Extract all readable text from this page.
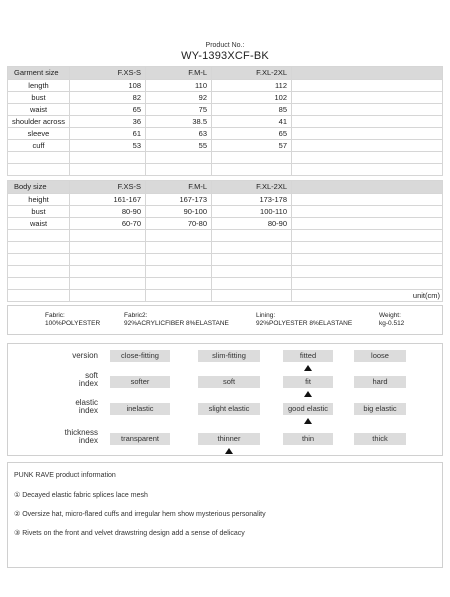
Product No.:
WY-1393XCF-BK
Garment size	F.XS-S	F.M-L	F.XL-2XL	
length	108	110	112	
bust	82	92	102	
waist	65	75	85	
shoulder across	36	38.5	41	
sleeve	61	63	65	
cuff	53	55	57	

Body size	F.XS-S	F.M-L	F.XL-2XL	
height	161-167	167-173	173-178	
bust	80-90	90-100	100-110	
waist	60-70	70-80	80-90	

				unit(cm)
Fabric:
100%POLYESTER
Fabric2:
92%ACRYLICFIBER 8%ELASTANE
Lining:
92%POLYESTER 8%ELASTANE
Weight:
kg-0.512
version	close-fitting	slim-fitting	fitted	loose
soft
index	softer	soft	fit	hard
elastic
index	inelastic	slight elastic	good elastic	big elastic
thickness
index	transparent	thinner	thin	thick
PUNK RAVE product information
① Decayed elastic fabric splices lace mesh
② Oversize hat, micro-flared cuffs and irregular hem show mysterious personality
③ Rivets on the front and velvet drawstring design add a sense of delicacy
